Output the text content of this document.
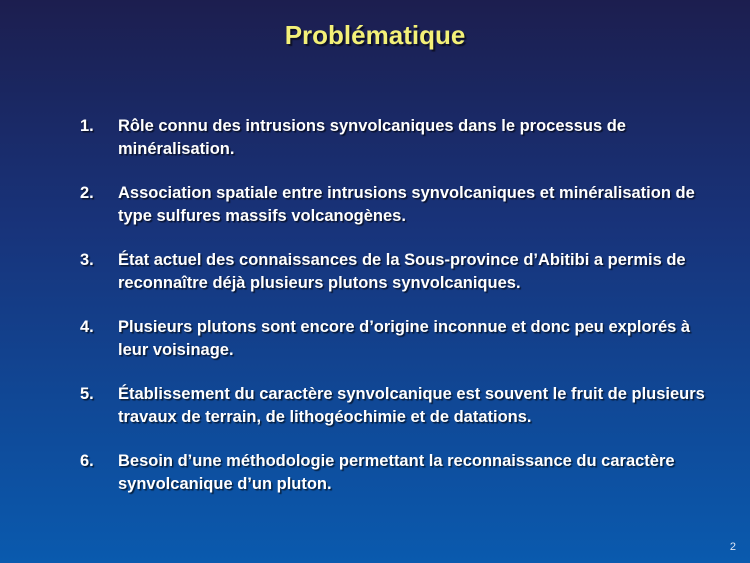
Problématique
1. Rôle connu des intrusions synvolcaniques dans le processus de minéralisation.
2. Association spatiale entre intrusions synvolcaniques et minéralisation de type sulfures massifs volcanogènes.
3. État actuel des connaissances de la Sous-province d’Abitibi a permis de reconnaître déjà plusieurs plutons synvolcaniques.
4. Plusieurs plutons sont encore d’origine inconnue et donc peu explorés à leur voisinage.
5. Établissement du caractère synvolcanique est souvent le fruit de plusieurs travaux de terrain, de lithogéochimie et de datations.
6. Besoin d’une méthodologie permettant la reconnaissance du caractère synvolcanique d’un pluton.
2
